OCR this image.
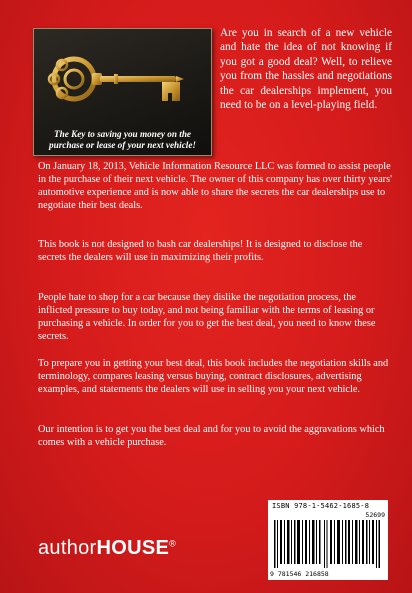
The Key to saving you money on the purchase or lease of your next vehicle!

Are you in search of a new vehicle and hate the idea of not knowing if you got a good deal? Well, to relieve you from the hassles and negotiations the car dealerships implement, you need to be on a level-playing field.

On January 18, 2013, Vehicle Information Resource LLC was formed to assist people in the purchase of their next vehicle. The owner of this company has over thirty years' automotive experience and is now able to share the secrets the car dealerships use to negotiate their best deals.

This book is not designed to bash car dealerships! It is designed to disclose the secrets the dealers will use in maximizing their profits.

People hate to shop for a car because they dislike the negotiation process, the inflicted pressure to buy today, and not being familiar with the terms of leasing or purchasing a vehicle. In order for you to get the best deal, you need to know these secrets.

To prepare you in getting your best deal, this book includes the negotiation skills and terminology, compares leasing versus buying, contract disclosures, advertising examples, and statements the dealers will use in selling you your next vehicle.

Our intention is to get you the best deal and for you to avoid the aggravations which comes with a vehicle purchase.

ISBN 978-1-5462-1685-8
52699
9 781546 216858
authorHOUSE®
